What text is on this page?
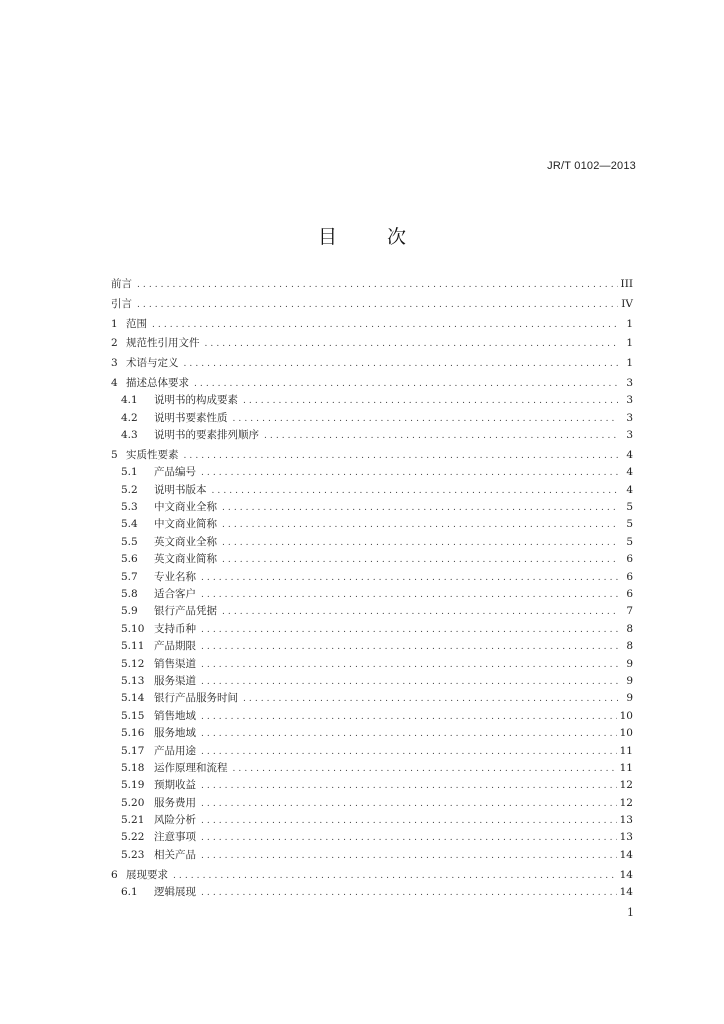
JR/T 0102—2013
目 次
前言 . . .	III
引言 . . .	IV
1 范围 . . .	1
2 规范性引用文件 . . .	1
3 术语与定义 . . .	1
4 描述总体要求 . . .	3
4.1	说明书的构成要素 . . .	3
4.2	说明书要素性质 . . .	3
4.3	说明书的要素排列顺序 . . .	3
5 实质性要素 . . .	4
5.1	产品编号 . . .	4
5.2	说明书版本 . . .	4
5.3	中文商业全称 . . .	5
5.4	中文商业简称 . . .	5
5.5	英文商业全称 . . .	5
5.6	英文商业简称 . . .	6
5.7	专业名称 . . .	6
5.8	适合客户 . . .	6
5.9	银行产品凭据 . . .	7
5.10 支持币种 . . .	8
5.11 产品期限 . . .	8
5.12 销售渠道 . . .	9
5.13 服务渠道 . . .	9
5.14 银行产品服务时间 . . .	9
5.15 销售地域 . . .	10
5.16 服务地域 . . .	10
5.17 产品用途 . . .	11
5.18 运作原理和流程 . . .	11
5.19 预期收益 . . .	12
5.20 服务费用 . . .	12
5.21 风险分析 . . .	13
5.22 注意事项 . . .	13
5.23 相关产品 . . .	14
6 展现要求 . . .	14
6.1	逻辑展现 . . .	14
1
